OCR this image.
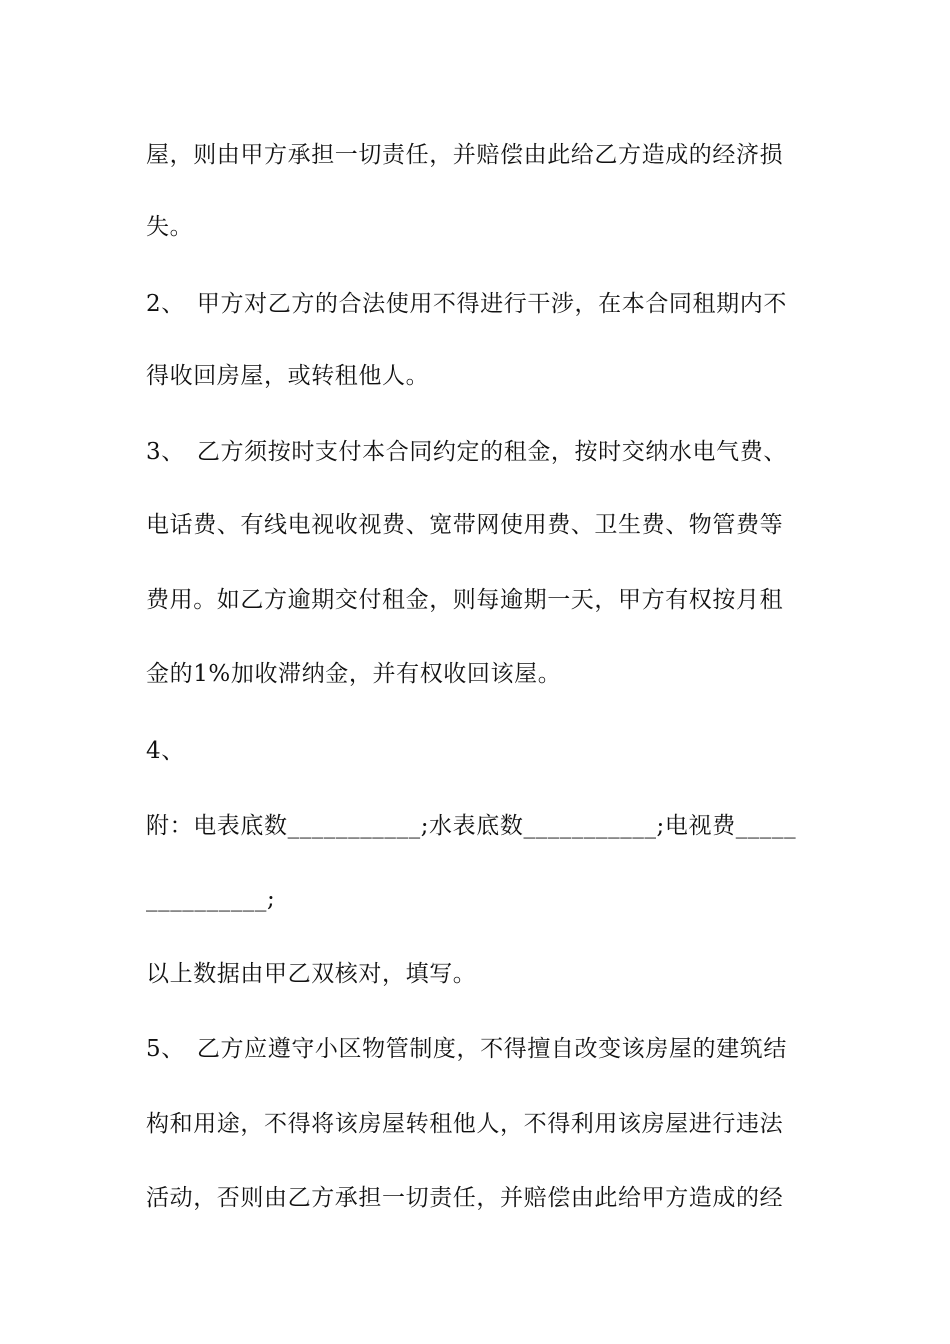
屋，则由甲方承担一切责任，并赔偿由此给乙方造成的经济损
失。
2、　甲方对乙方的合法使用不得进行干涉，在本合同租期内不
得收回房屋，或转租他人。
3、　乙方须按时支付本合同约定的租金，按时交纳水电气费、
电话费、有线电视收视费、宽带网使用费、卫生费、物管费等
费用。如乙方逾期交付租金，则每逾期一天，甲方有权按月租
金的1%加收滞纳金，并有权收回该屋。
4、
附：电表底数___________;水表底数___________;电视费_____
__________;
以上数据由甲乙双核对，填写。
5、　乙方应遵守小区物管制度，不得擅自改变该房屋的建筑结
构和用途，不得将该房屋转租他人，不得利用该房屋进行违法
活动，否则由乙方承担一切责任，并赔偿由此给甲方造成的经
